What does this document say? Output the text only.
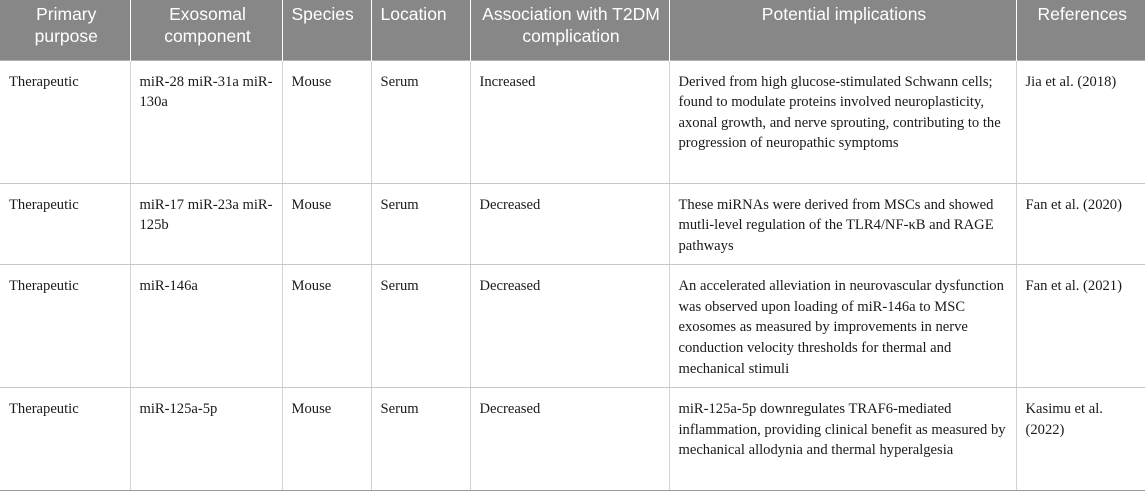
Primary purpose	Exosomal component	Species	Location	Association with T2DM complication	Potential implications	References
Therapeutic	miR-28 miR-31a miR-130a	Mouse	Serum	Increased	Derived from high glucose-stimulated Schwann cells; found to modulate proteins involved neuroplasticity, axonal growth, and nerve sprouting, contributing to the progression of neuropathic symptoms	Jia et al. (2018)
Therapeutic	miR-17 miR-23a miR-125b	Mouse	Serum	Decreased	These miRNAs were derived from MSCs and showed mutli-level regulation of the TLR4/NF-κB and RAGE pathways	Fan et al. (2020)
Therapeutic	miR-146a	Mouse	Serum	Decreased	An accelerated alleviation in neurovascular dysfunction was observed upon loading of miR-146a to MSC exosomes as measured by improvements in nerve conduction velocity thresholds for thermal and mechanical stimuli	Fan et al. (2021)
Therapeutic	miR-125a-5p	Mouse	Serum	Decreased	miR-125a-5p downregulates TRAF6-mediated inflammation, providing clinical benefit as measured by mechanical allodynia and thermal hyperalgesia	Kasimu et al. (2022)
